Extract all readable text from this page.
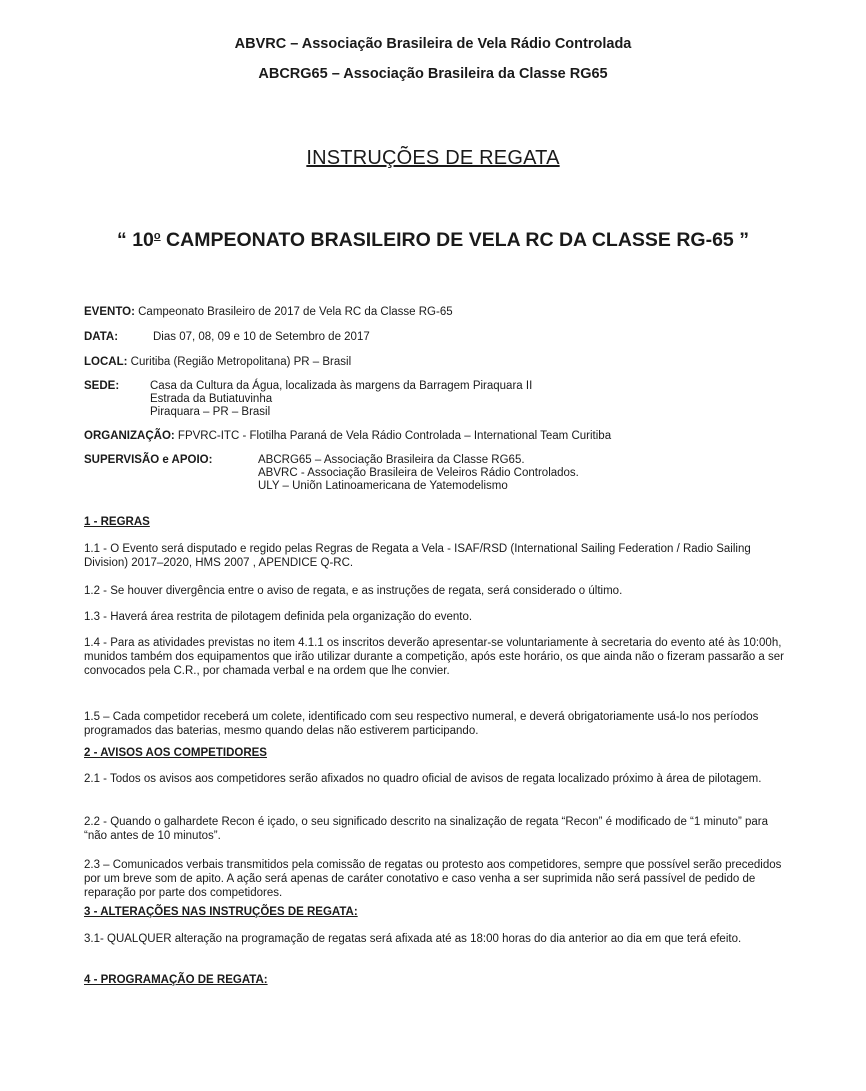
ABVRC – Associação Brasileira de Vela Rádio Controlada
ABCRG65 – Associação Brasileira da Classe RG65
INSTRUÇÕES DE REGATA
“ 10$^o$ CAMPEONATO BRASILEIRO DE VELA RC DA CLASSE RG-65 ”
EVENTO: Campeonato Brasileiro de 2017 de Vela RC da Classe RG-65
DATA:	Dias 07, 08, 09 e 10 de Setembro de 2017
LOCAL: Curitiba (Região Metropolitana) PR – Brasil
SEDE:	Casa da Cultura da Água, localizada às margens da Barragem Piraquara II
Estrada da Butiatuvinha
Piraquara – PR – Brasil
ORGANIZAÇÃO: FPVRC-ITC - Flotilha Paraná de Vela Rádio Controlada – International Team Curitiba
SUPERVISÃO e APOIO:	ABCRG65 – Associação Brasileira da Classe RG65.
ABVRC - Associação Brasileira de Veleiros Rádio Controlados.
ULY – Uniõn Latinoamericana de Yatemodelismo
1 - REGRAS
1.1 - O Evento será disputado e regido pelas Regras de Regata a Vela - ISAF/RSD (International Sailing Federation / Radio Sailing Division) 2017–2020, HMS 2007 , APENDICE Q-RC.
1.2 - Se houver divergência entre o aviso de regata, e as instruções de regata, será considerado o último.
1.3 - Haverá área restrita de pilotagem definida pela organização do evento.
1.4 - Para as atividades previstas no item 4.1.1 os inscritos deverão apresentar-se voluntariamente à secretaria do evento até às 10:00h, munidos também dos equipamentos que irão utilizar durante a competição, após este horário, os que ainda não o fizeram passarão a ser convocados pela C.R., por chamada verbal e na ordem que lhe convier.
1.5 – Cada competidor receberá um colete, identificado com seu respectivo numeral, e deverá obrigatoriamente usá-lo nos períodos programados das baterias, mesmo quando delas não estiverem participando.
2 - AVISOS AOS COMPETIDORES
2.1 - Todos os avisos aos competidores serão afixados no quadro oficial de avisos de regata localizado próximo à área de pilotagem.
2.2 - Quando o galhardete Recon é içado, o seu significado descrito na sinalização de regata “Recon” é modificado de “1 minuto” para “não antes de 10 minutos”.
2.3 – Comunicados verbais transmitidos pela comissão de regatas ou protesto aos competidores, sempre que possível serão precedidos por um breve som de apito. A ação será apenas de caráter conotativo e caso venha a ser suprimida não será passível de pedido de reparação por parte dos competidores.
3 - ALTERAÇÕES NAS INSTRUÇÕES DE REGATA:
3.1- QUALQUER alteração na programação de regatas será afixada até as 18:00 horas do dia anterior ao dia em que terá efeito.
4 - PROGRAMAÇÃO DE REGATA:
